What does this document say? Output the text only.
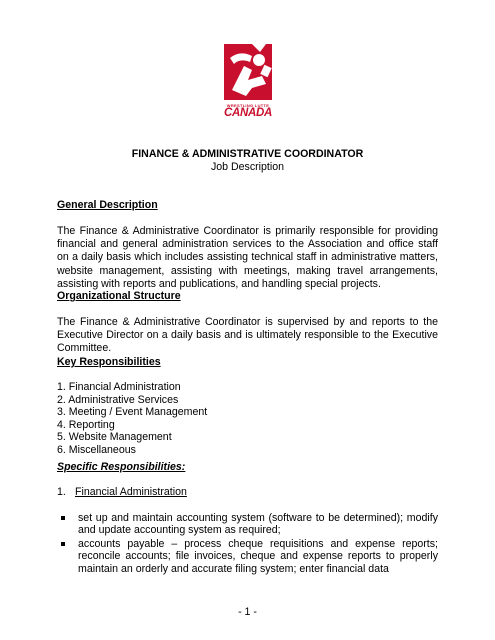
WRESTLING LUTTE
CANADA
FINANCE & ADMINISTRATIVE COORDINATOR
Job Description
General Description
The Finance & Administrative Coordinator is primarily responsible for providing
financial and general administration services to the Association and office staff
on a daily basis which includes assisting technical staff in administrative matters,
website management, assisting with meetings, making travel arrangements,
assisting with reports and publications, and handling special projects.
Organizational Structure
The Finance & Administrative Coordinator is supervised by and reports to the
Executive Director on a daily basis and is ultimately responsible to the Executive
Committee.
Key Responsibilities
1. Financial Administration
2. Administrative Services
3. Meeting / Event Management
4. Reporting
5. Website Management
6. Miscellaneous
Specific Responsibilities:
1. Financial Administration
set up and maintain accounting system (software to be determined); modify
and update accounting system as required;
accounts payable – process cheque requisitions and expense reports;
reconcile accounts; file invoices, cheque and expense reports to properly
maintain an orderly and accurate filing system; enter financial data
- 1 -
